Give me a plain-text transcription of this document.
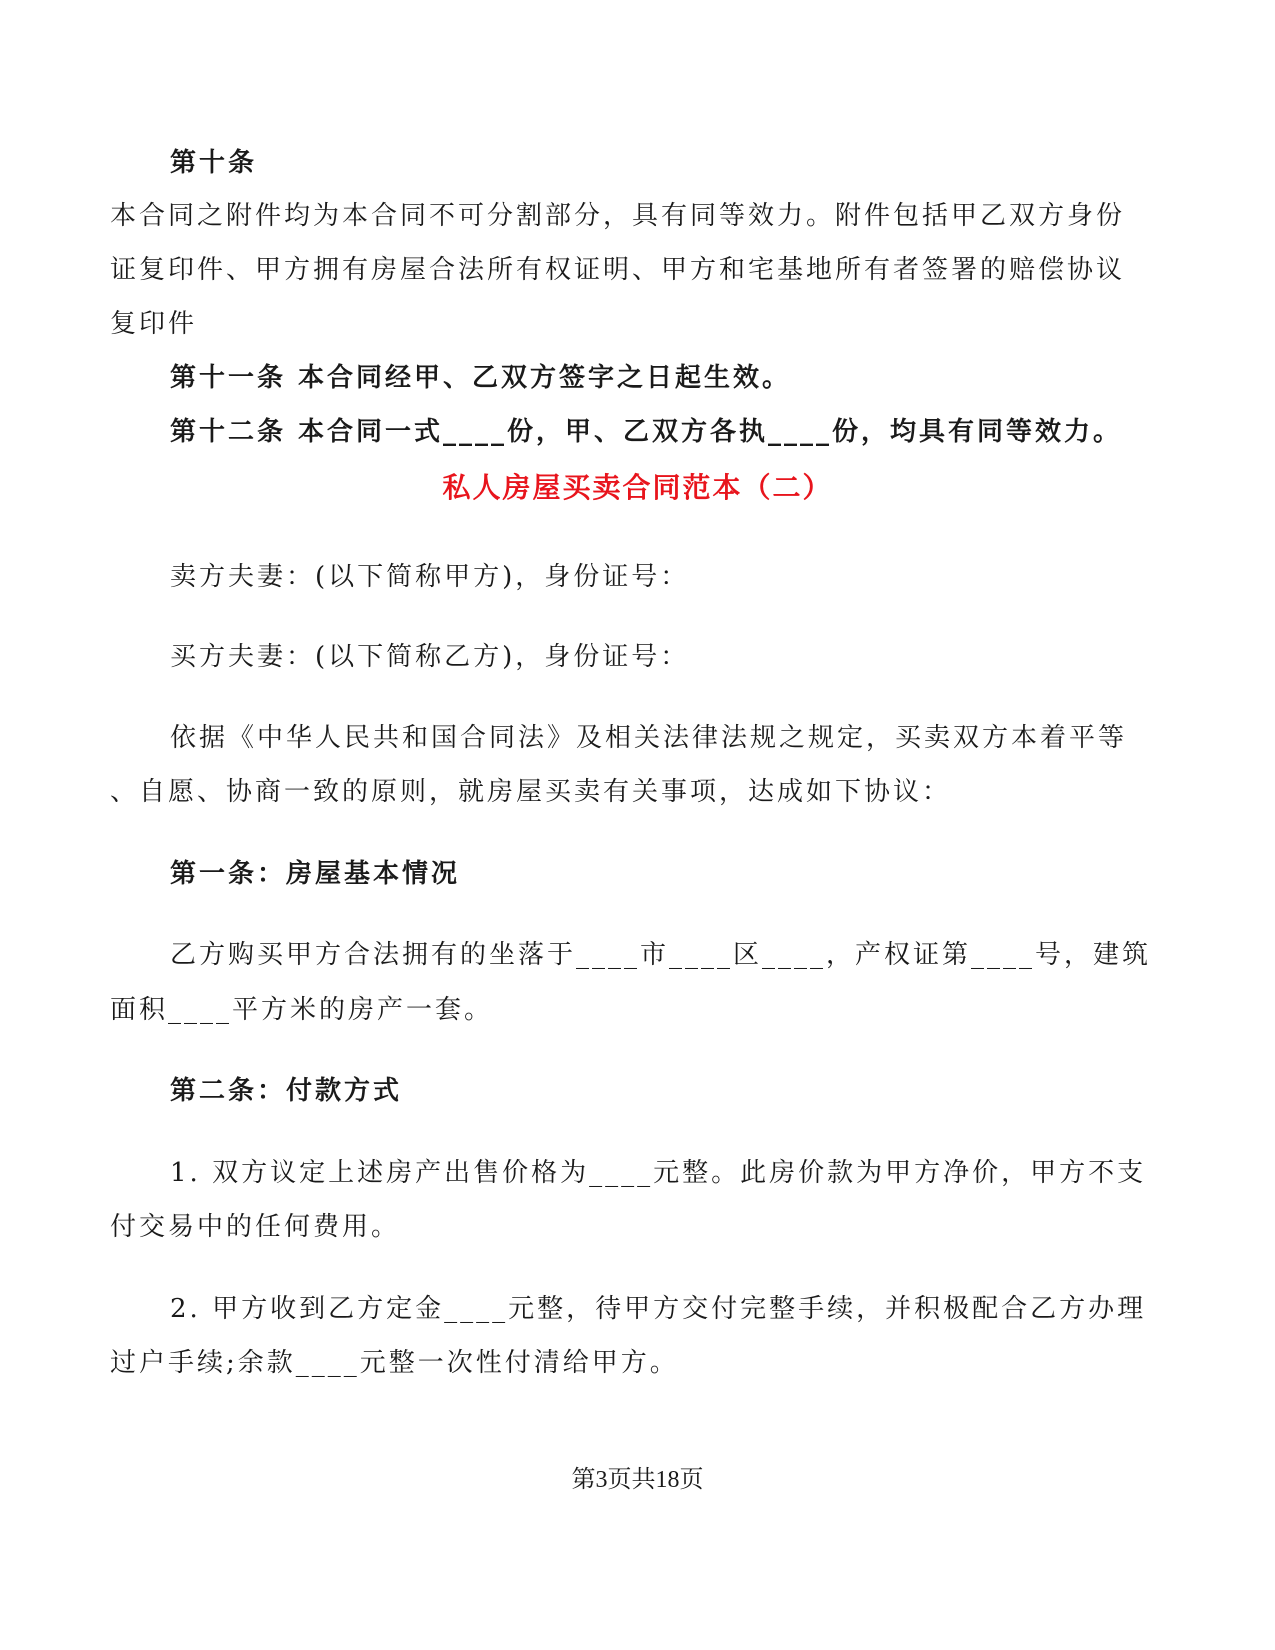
第十条
本合同之附件均为本合同不可分割部分，具有同等效力。附件包括甲乙双方身份
证复印件、甲方拥有房屋合法所有权证明、甲方和宅基地所有者签署的赔偿协议
复印件
第十一条 本合同经甲、乙双方签字之日起生效。
第十二条 本合同一式____份，甲、乙双方各执____份，均具有同等效力。
私人房屋买卖合同范本（二）
卖方夫妻：(以下简称甲方)，身份证号：
买方夫妻：(以下简称乙方)，身份证号：
依据《中华人民共和国合同法》及相关法律法规之规定，买卖双方本着平等
、自愿、协商一致的原则，就房屋买卖有关事项，达成如下协议：
第一条：房屋基本情况
乙方购买甲方合法拥有的坐落于____市____区____，产权证第____号，建筑
面积____平方米的房产一套。
第二条：付款方式
1. 双方议定上述房产出售价格为____元整。此房价款为甲方净价，甲方不支
付交易中的任何费用。
2. 甲方收到乙方定金____元整，待甲方交付完整手续，并积极配合乙方办理
过户手续;余款____元整一次性付清给甲方。
第3页共18页
